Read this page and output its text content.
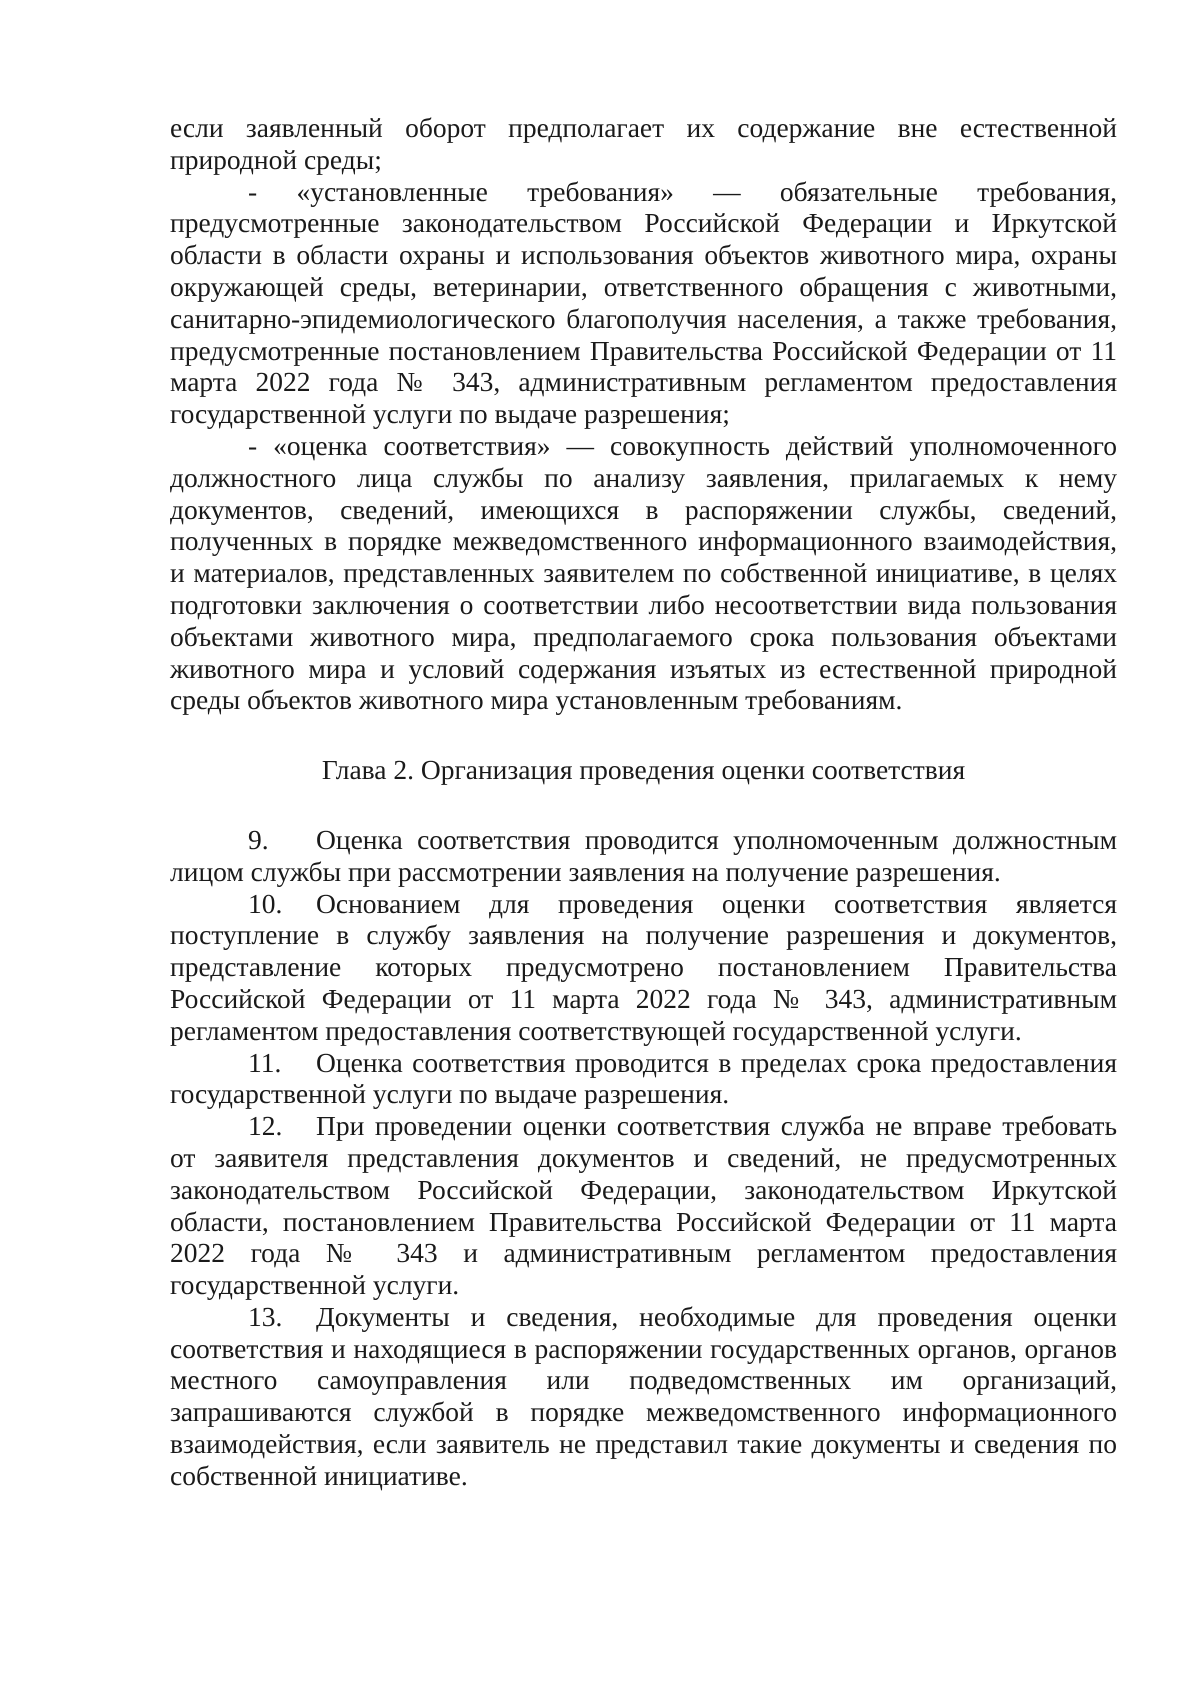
если заявленный оборот предполагает их содержание вне естественной природной среды;

- «установленные требования» — обязательные требования, предусмотренные законодательством Российской Федерации и Иркутской области в области охраны и использования объектов животного мира, охраны окружающей среды, ветеринарии, ответственного обращения с животными, санитарно-эпидемиологического благополучия населения, а также требования, предусмотренные постановлением Правительства Российской Федерации от 11 марта 2022 года № 343, административным регламентом предоставления государственной услуги по выдаче разрешения;

- «оценка соответствия» — совокупность действий уполномоченного должностного лица службы по анализу заявления, прилагаемых к нему документов, сведений, имеющихся в распоряжении службы, сведений, полученных в порядке межведомственного информационного взаимодействия, и материалов, представленных заявителем по собственной инициативе, в целях подготовки заключения о соответствии либо несоответствии вида пользования объектами животного мира, предполагаемого срока пользования объектами животного мира и условий содержания изъятых из естественной природной среды объектов животного мира установленным требованиям.

Глава 2. Организация проведения оценки соответствия

9. Оценка соответствия проводится уполномоченным должностным лицом службы при рассмотрении заявления на получение разрешения.

10. Основанием для проведения оценки соответствия является поступление в службу заявления на получение разрешения и документов, представление которых предусмотрено постановлением Правительства Российской Федерации от 11 марта 2022 года № 343, административным регламентом предоставления соответствующей государственной услуги.

11. Оценка соответствия проводится в пределах срока предоставления государственной услуги по выдаче разрешения.

12. При проведении оценки соответствия служба не вправе требовать от заявителя представления документов и сведений, не предусмотренных законодательством Российской Федерации, законодательством Иркутской области, постановлением Правительства Российской Федерации от 11 марта 2022 года № 343 и административным регламентом предоставления государственной услуги.

13. Документы и сведения, необходимые для проведения оценки соответствия и находящиеся в распоряжении государственных органов, органов местного самоуправления или подведомственных им организаций, запрашиваются службой в порядке межведомственного информационного взаимодействия, если заявитель не представил такие документы и сведения по собственной инициативе.
